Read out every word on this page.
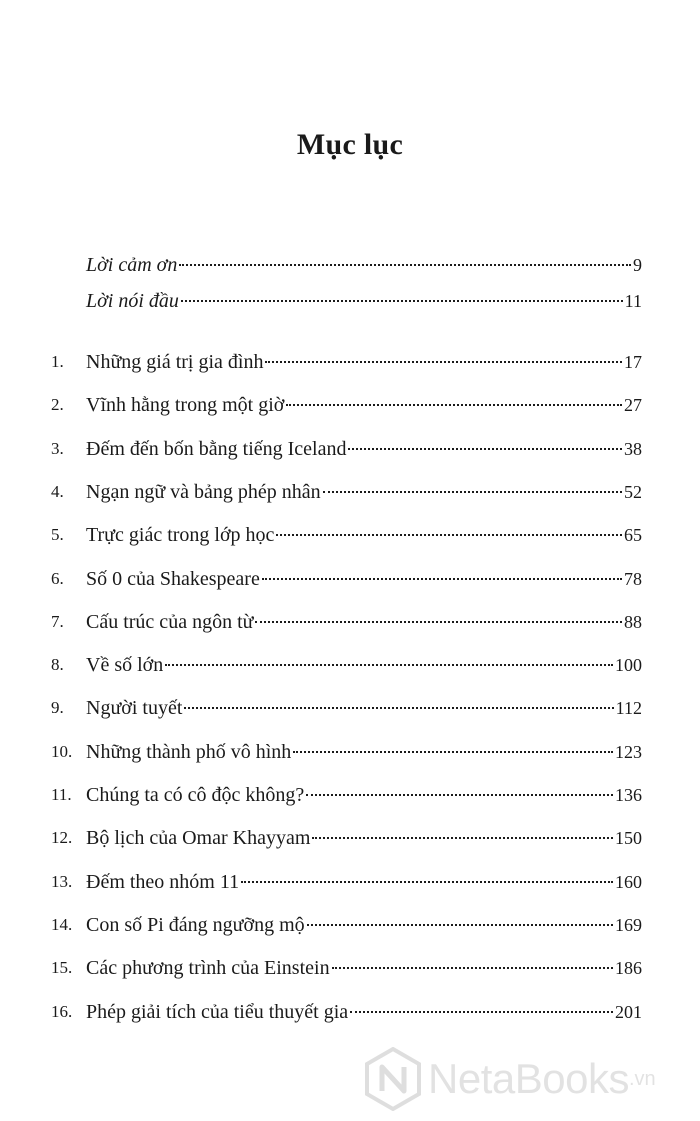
Mục lục
Lời cảm ơn	9
Lời nói đầu	11
1. Những giá trị gia đình	17
2. Vĩnh hằng trong một giờ	27
3. Đếm đến bốn bằng tiếng Iceland	38
4. Ngạn ngữ và bảng phép nhân	52
5. Trực giác trong lớp học	65
6. Số 0 của Shakespeare	78
7. Cấu trúc của ngôn từ	88
8. Về số lớn	100
9. Người tuyết	112
10. Những thành phố vô hình	123
11. Chúng ta có cô độc không?	136
12. Bộ lịch của Omar Khayyam	150
13. Đếm theo nhóm 11	160
14. Con số Pi đáng ngưỡng mộ	169
15. Các phương trình của Einstein	186
16. Phép giải tích của tiểu thuyết gia	201
NetaBooks .vn
